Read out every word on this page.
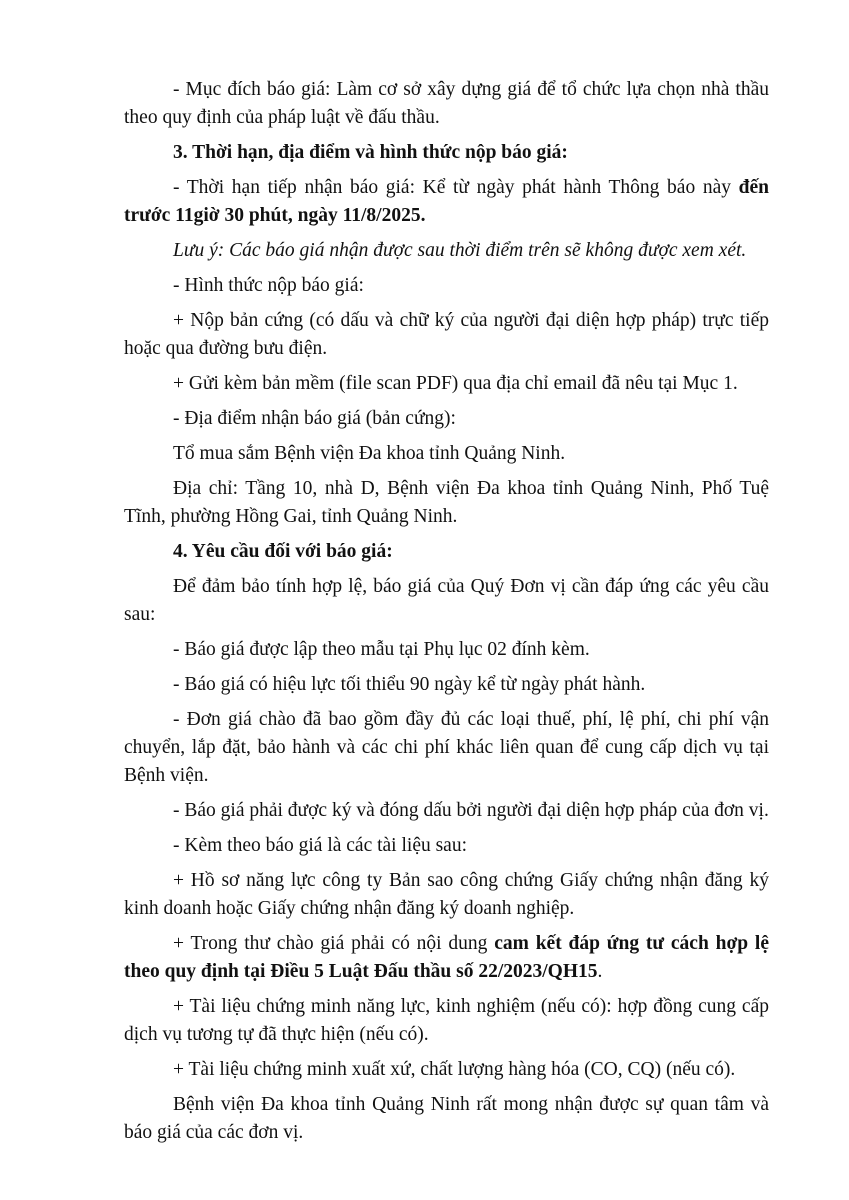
- Mục đích báo giá: Làm cơ sở xây dựng giá để tổ chức lựa chọn nhà thầu theo quy định của pháp luật về đấu thầu.

3. Thời hạn, địa điểm và hình thức nộp báo giá:

- Thời hạn tiếp nhận báo giá: Kể từ ngày phát hành Thông báo này đến trước 11giờ 30 phút, ngày 11/8/2025.

Lưu ý: Các báo giá nhận được sau thời điểm trên sẽ không được xem xét.

- Hình thức nộp báo giá:

+ Nộp bản cứng (có dấu và chữ ký của người đại diện hợp pháp) trực tiếp hoặc qua đường bưu điện.

+ Gửi kèm bản mềm (file scan PDF) qua địa chỉ email đã nêu tại Mục 1.

- Địa điểm nhận báo giá (bản cứng):

Tổ mua sắm Bệnh viện Đa khoa tỉnh Quảng Ninh.

Địa chỉ: Tầng 10, nhà D, Bệnh viện Đa khoa tỉnh Quảng Ninh, Phố Tuệ Tĩnh, phường Hồng Gai, tỉnh Quảng Ninh.

4. Yêu cầu đối với báo giá:

Để đảm bảo tính hợp lệ, báo giá của Quý Đơn vị cần đáp ứng các yêu cầu sau:

- Báo giá được lập theo mẫu tại Phụ lục 02 đính kèm.

- Báo giá có hiệu lực tối thiểu 90 ngày kể từ ngày phát hành.

- Đơn giá chào đã bao gồm đầy đủ các loại thuế, phí, lệ phí, chi phí vận chuyển, lắp đặt, bảo hành và các chi phí khác liên quan để cung cấp dịch vụ tại Bệnh viện.

- Báo giá phải được ký và đóng dấu bởi người đại diện hợp pháp của đơn vị.

- Kèm theo báo giá là các tài liệu sau:

+ Hồ sơ năng lực công ty Bản sao công chứng Giấy chứng nhận đăng ký kinh doanh hoặc Giấy chứng nhận đăng ký doanh nghiệp.

+ Trong thư chào giá phải có nội dung cam kết đáp ứng tư cách hợp lệ theo quy định tại Điều 5 Luật Đấu thầu số 22/2023/QH15.

+ Tài liệu chứng minh năng lực, kinh nghiệm (nếu có): hợp đồng cung cấp dịch vụ tương tự đã thực hiện (nếu có).

+ Tài liệu chứng minh xuất xứ, chất lượng hàng hóa (CO, CQ) (nếu có).

Bệnh viện Đa khoa tỉnh Quảng Ninh rất mong nhận được sự quan tâm và báo giá của các đơn vị.
